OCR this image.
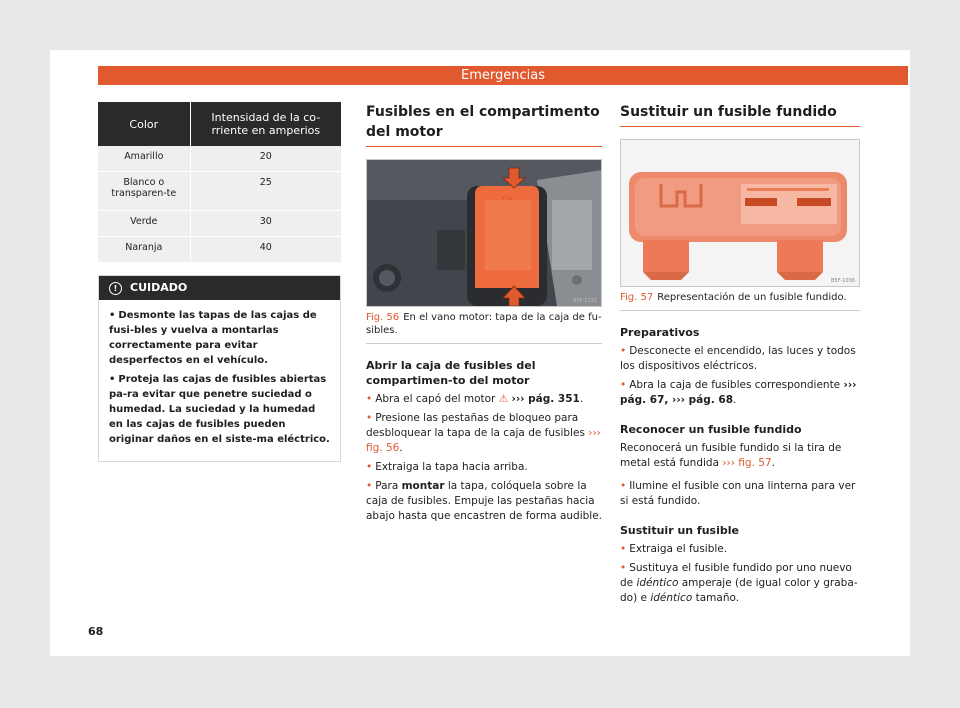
Emergencias
Color	Intensidad de la co-rriente en amperios
Amarillo	20
Blanco o transparen-te	25
Verde	30
Naranja	40
! CUIDADO

• Desmonte las tapas de las cajas de fusi-bles y vuelva a montarlas correctamente para evitar desperfectos en el vehículo.

• Proteja las cajas de fusibles abiertas pa-ra evitar que penetre suciedad o humedad. La suciedad y la humedad en las cajas de fusibles pueden originar daños en el siste-ma eléctrico.

Fusibles en el compartimento del motor
⚡ ▭
B5F-1232
Fig. 56 En el vano motor: tapa de la caja de fu-sibles.
Abrir la caja de fusibles del compartimen-to del motor
• Abra el capó del motor ⚠ ››› pág. 351.
• Presione las pestañas de bloqueo para desbloquear la tapa de la caja de fusibles ››› fig. 56.
• Extraiga la tapa hacia arriba.
• Para montar la tapa, colóquela sobre la caja de fusibles. Empuje las pestañas hacia abajo hasta que encastren de forma audible.
Sustituir un fusible fundido
B5F-1036
Fig. 57 Representación de un fusible fundido.
Preparativos
• Desconecte el encendido, las luces y todos los dispositivos eléctricos.
• Abra la caja de fusibles correspondiente ››› pág. 67, ››› pág. 68.
Reconocer un fusible fundido
Reconocerá un fusible fundido si la tira de metal está fundida ››› fig. 57.
• Ilumine el fusible con una linterna para ver si está fundido.
Sustituir un fusible
• Extraiga el fusible.
• Sustituya el fusible fundido por uno nuevo de idéntico amperaje (de igual color y graba-do) e idéntico tamaño.
68
